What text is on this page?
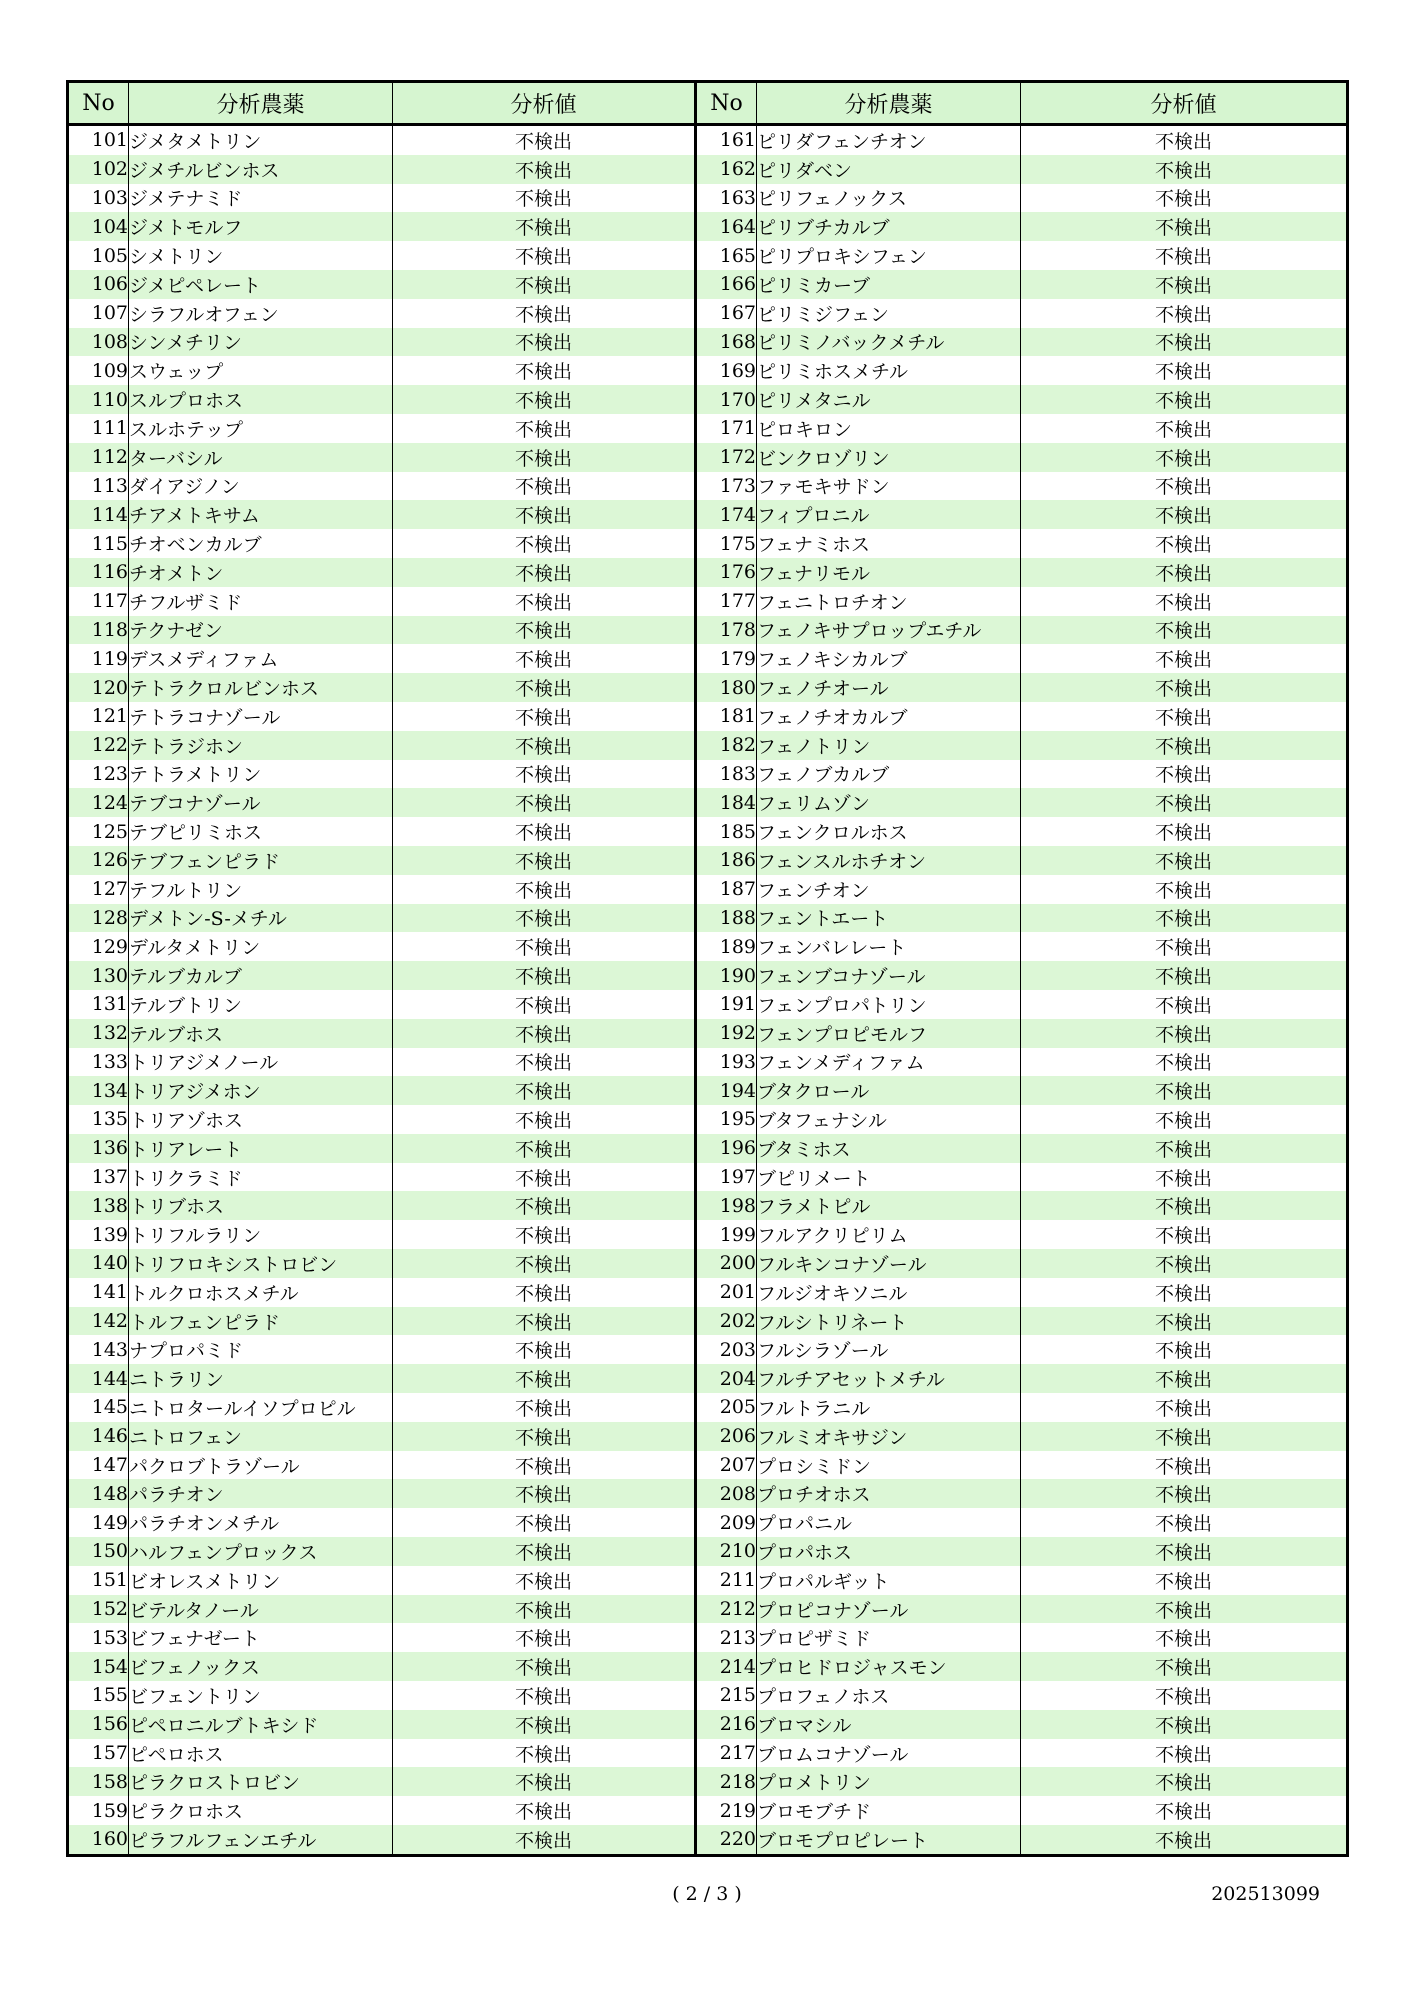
No	分析農薬	分析値	No	分析農薬	分析値
101	ジメタメトリン	不検出	161	ピリダフェンチオン	不検出
102	ジメチルビンホス	不検出	162	ピリダベン	不検出
103	ジメテナミド	不検出	163	ピリフェノックス	不検出
104	ジメトモルフ	不検出	164	ピリブチカルブ	不検出
105	シメトリン	不検出	165	ピリプロキシフェン	不検出
106	ジメピペレート	不検出	166	ピリミカーブ	不検出
107	シラフルオフェン	不検出	167	ピリミジフェン	不検出
108	シンメチリン	不検出	168	ピリミノバックメチル	不検出
109	スウェップ	不検出	169	ピリミホスメチル	不検出
110	スルプロホス	不検出	170	ピリメタニル	不検出
111	スルホテップ	不検出	171	ピロキロン	不検出
112	ターバシル	不検出	172	ビンクロゾリン	不検出
113	ダイアジノン	不検出	173	ファモキサドン	不検出
114	チアメトキサム	不検出	174	フィプロニル	不検出
115	チオベンカルブ	不検出	175	フェナミホス	不検出
116	チオメトン	不検出	176	フェナリモル	不検出
117	チフルザミド	不検出	177	フェニトロチオン	不検出
118	テクナゼン	不検出	178	フェノキサプロップエチル	不検出
119	デスメディファム	不検出	179	フェノキシカルブ	不検出
120	テトラクロルビンホス	不検出	180	フェノチオール	不検出
121	テトラコナゾール	不検出	181	フェノチオカルブ	不検出
122	テトラジホン	不検出	182	フェノトリン	不検出
123	テトラメトリン	不検出	183	フェノブカルブ	不検出
124	テブコナゾール	不検出	184	フェリムゾン	不検出
125	テブピリミホス	不検出	185	フェンクロルホス	不検出
126	テブフェンピラド	不検出	186	フェンスルホチオン	不検出
127	テフルトリン	不検出	187	フェンチオン	不検出
128	デメトン-S-メチル	不検出	188	フェントエート	不検出
129	デルタメトリン	不検出	189	フェンバレレート	不検出
130	テルブカルブ	不検出	190	フェンブコナゾール	不検出
131	テルブトリン	不検出	191	フェンプロパトリン	不検出
132	テルブホス	不検出	192	フェンプロピモルフ	不検出
133	トリアジメノール	不検出	193	フェンメディファム	不検出
134	トリアジメホン	不検出	194	ブタクロール	不検出
135	トリアゾホス	不検出	195	ブタフェナシル	不検出
136	トリアレート	不検出	196	ブタミホス	不検出
137	トリクラミド	不検出	197	ブピリメート	不検出
138	トリブホス	不検出	198	フラメトピル	不検出
139	トリフルラリン	不検出	199	フルアクリピリム	不検出
140	トリフロキシストロビン	不検出	200	フルキンコナゾール	不検出
141	トルクロホスメチル	不検出	201	フルジオキソニル	不検出
142	トルフェンピラド	不検出	202	フルシトリネート	不検出
143	ナプロパミド	不検出	203	フルシラゾール	不検出
144	ニトラリン	不検出	204	フルチアセットメチル	不検出
145	ニトロタールイソプロピル	不検出	205	フルトラニル	不検出
146	ニトロフェン	不検出	206	フルミオキサジン	不検出
147	パクロブトラゾール	不検出	207	プロシミドン	不検出
148	パラチオン	不検出	208	プロチオホス	不検出
149	パラチオンメチル	不検出	209	プロパニル	不検出
150	ハルフェンプロックス	不検出	210	プロパホス	不検出
151	ビオレスメトリン	不検出	211	プロパルギット	不検出
152	ビテルタノール	不検出	212	プロピコナゾール	不検出
153	ビフェナゼート	不検出	213	プロピザミド	不検出
154	ビフェノックス	不検出	214	プロヒドロジャスモン	不検出
155	ビフェントリン	不検出	215	プロフェノホス	不検出
156	ピペロニルブトキシド	不検出	216	ブロマシル	不検出
157	ピペロホス	不検出	217	ブロムコナゾール	不検出
158	ピラクロストロビン	不検出	218	プロメトリン	不検出
159	ピラクロホス	不検出	219	ブロモブチド	不検出
160	ピラフルフェンエチル	不検出	220	ブロモプロピレート	不検出
( 2 / 3 )	202513099
